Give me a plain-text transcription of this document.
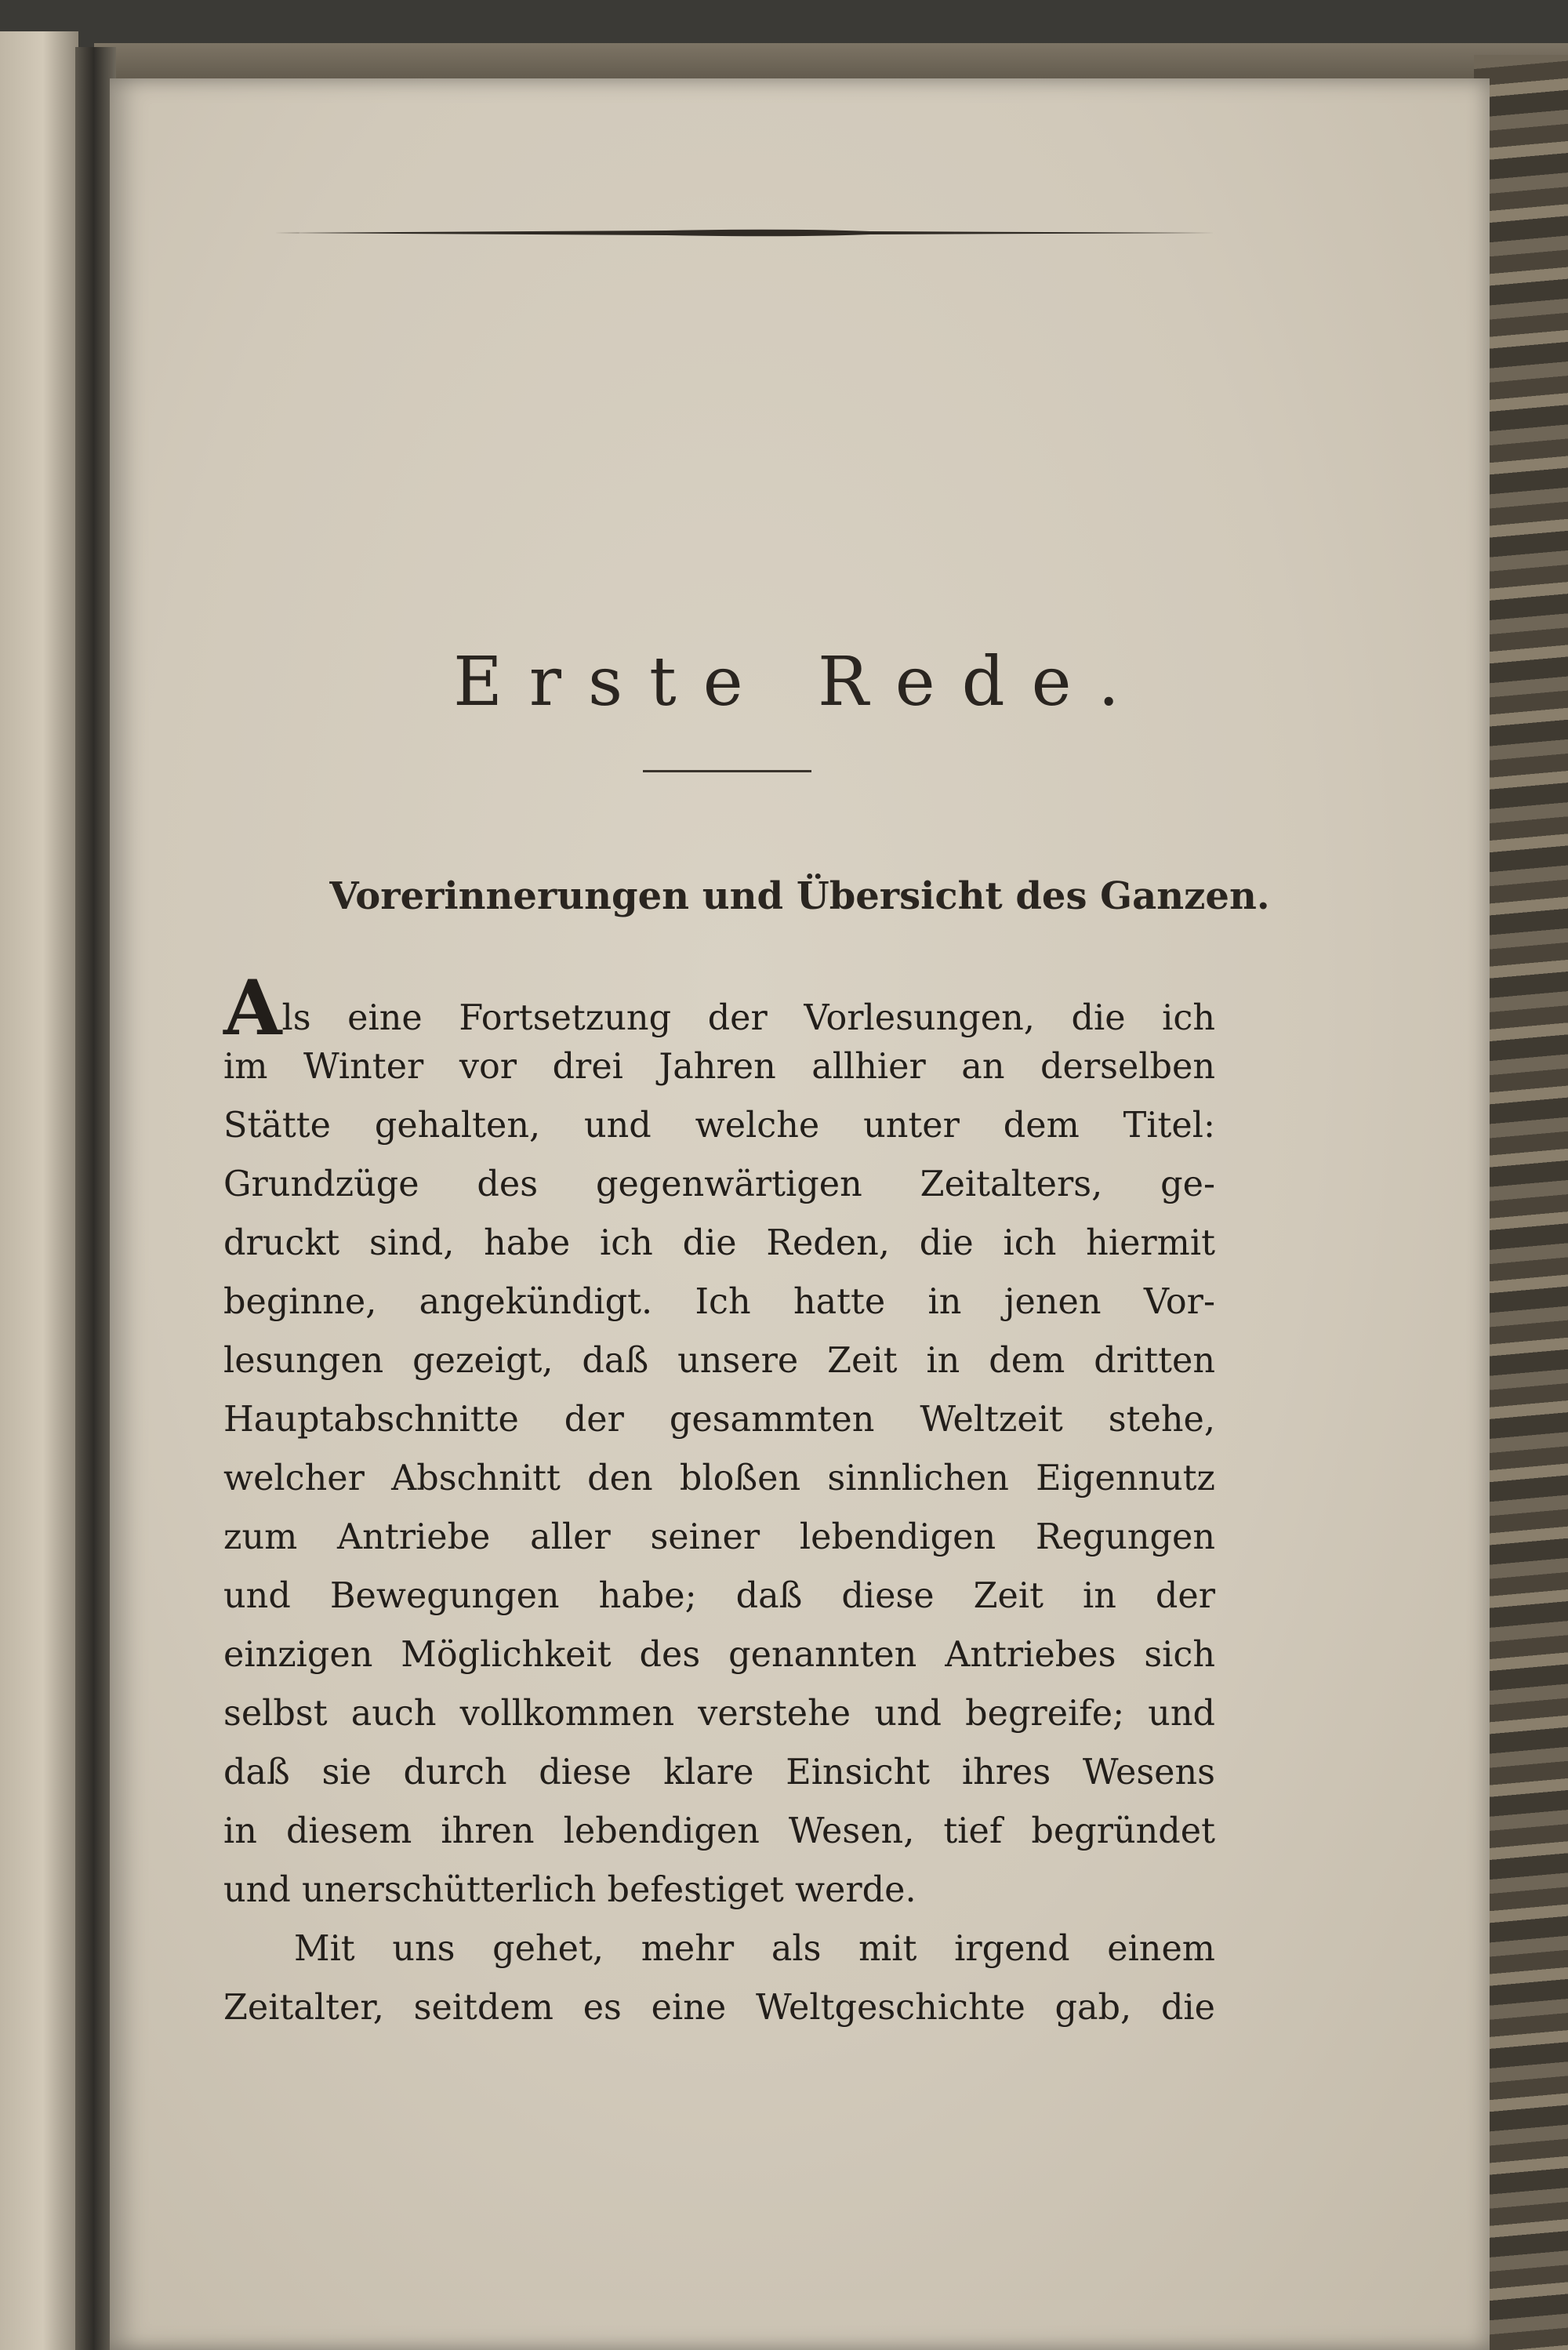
Erste Rede.
Vorerinnerungen und Übersicht des Ganzen.
Als eine Fortsetzung der Vorlesungen, die ich
im Winter vor drei Jahren allhier an derselben
Stätte gehalten, und welche unter dem Titel:
Grundzüge des gegenwärtigen Zeitalters, ge-
druckt sind, habe ich die Reden, die ich hiermit
beginne, angekündigt. Ich hatte in jenen Vor-
lesungen gezeigt, daß unsere Zeit in dem dritten
Hauptabschnitte der gesammten Weltzeit stehe,
welcher Abschnitt den bloßen sinnlichen Eigennutz
zum Antriebe aller seiner lebendigen Regungen
und Bewegungen habe; daß diese Zeit in der
einzigen Möglichkeit des genannten Antriebes sich
selbst auch vollkommen verstehe und begreife; und
daß sie durch diese klare Einsicht ihres Wesens
in diesem ihren lebendigen Wesen, tief begründet
und unerschütterlich befestiget werde.
Mit uns gehet, mehr als mit irgend einem
Zeitalter, seitdem es eine Weltgeschichte gab, die
